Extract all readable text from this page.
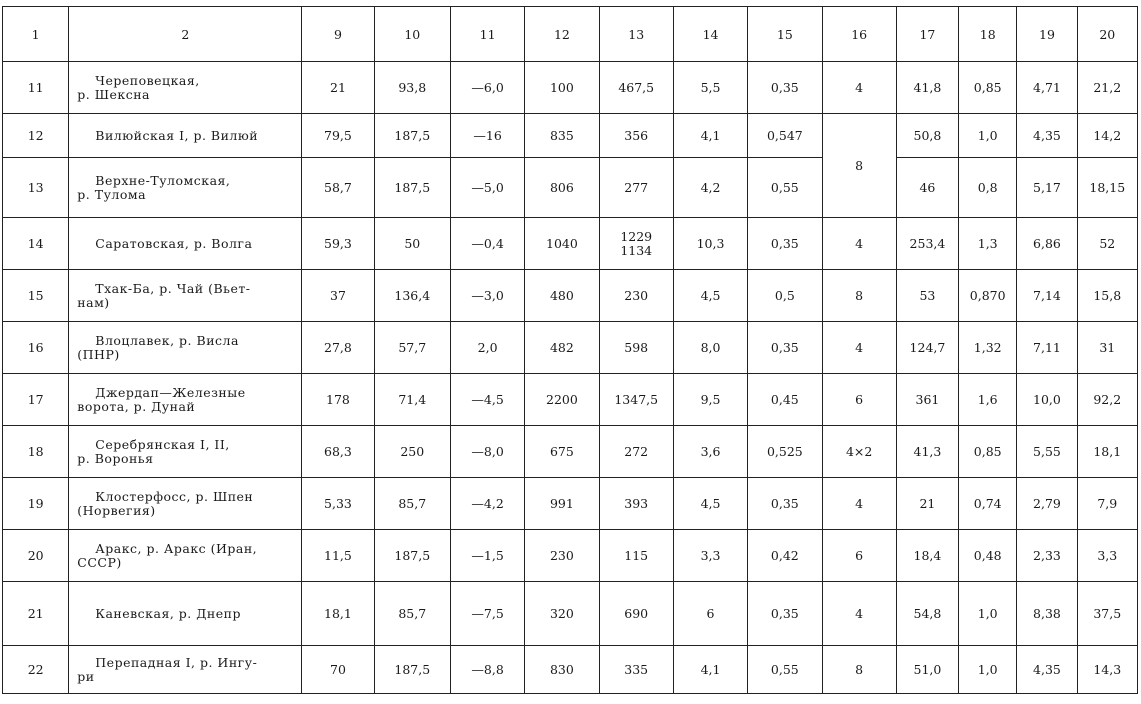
1	2	9	10	11	12	13	14	15	16	17	18	19	20
11	Череповецкая,
р. Шексна	21	93,8	—6,0	100	467,5	5,5	0,35	4	41,8	0,85	4,71	21,2
12	Вилюйская I, р. Вилюй	79,5	187,5	—16	835	356	4,1	0,547	8	50,8	1,0	4,35	14,2
13	Верхне-Туломская,
р. Тулома	58,7	187,5	—5,0	806	277	4,2	0,55		46	0,8	5,17	18,15
14	Саратовская, р. Волга	59,3	50	—0,4	1040	1229
1134	10,3	0,35	4	253,4	1,3	6,86	52
15	Тхак-Ба, р. Чай (Вьет-
нам)	37	136,4	—3,0	480	230	4,5	0,5	8	53	0,870	7,14	15,8
16	Влоцлавек, р. Висла
(ПНР)	27,8	57,7	2,0	482	598	8,0	0,35	4	124,7	1,32	7,11	31
17	Джердап—Железные
ворота, р. Дунай	178	71,4	—4,5	2200	1347,5	9,5	0,45	6	361	1,6	10,0	92,2
18	Серебрянская I, II,
р. Воронья	68,3	250	—8,0	675	272	3,6	0,525	4×2	41,3	0,85	5,55	18,1
19	Клостерфосс, р. Шпен
(Норвегия)	5,33	85,7	—4,2	991	393	4,5	0,35	4	21	0,74	2,79	7,9
20	Аракс, р. Аракс (Иран,
СССР)	11,5	187,5	—1,5	230	115	3,3	0,42	6	18,4	0,48	2,33	3,3
21	Каневская, р. Днепр	18,1	85,7	—7,5	320	690	6	0,35	4	54,8	1,0	8,38	37,5
22	Перепадная I, р. Ингу-
ри	70	187,5	—8,8	830	335	4,1	0,55	8	51,0	1,0	4,35	14,3
